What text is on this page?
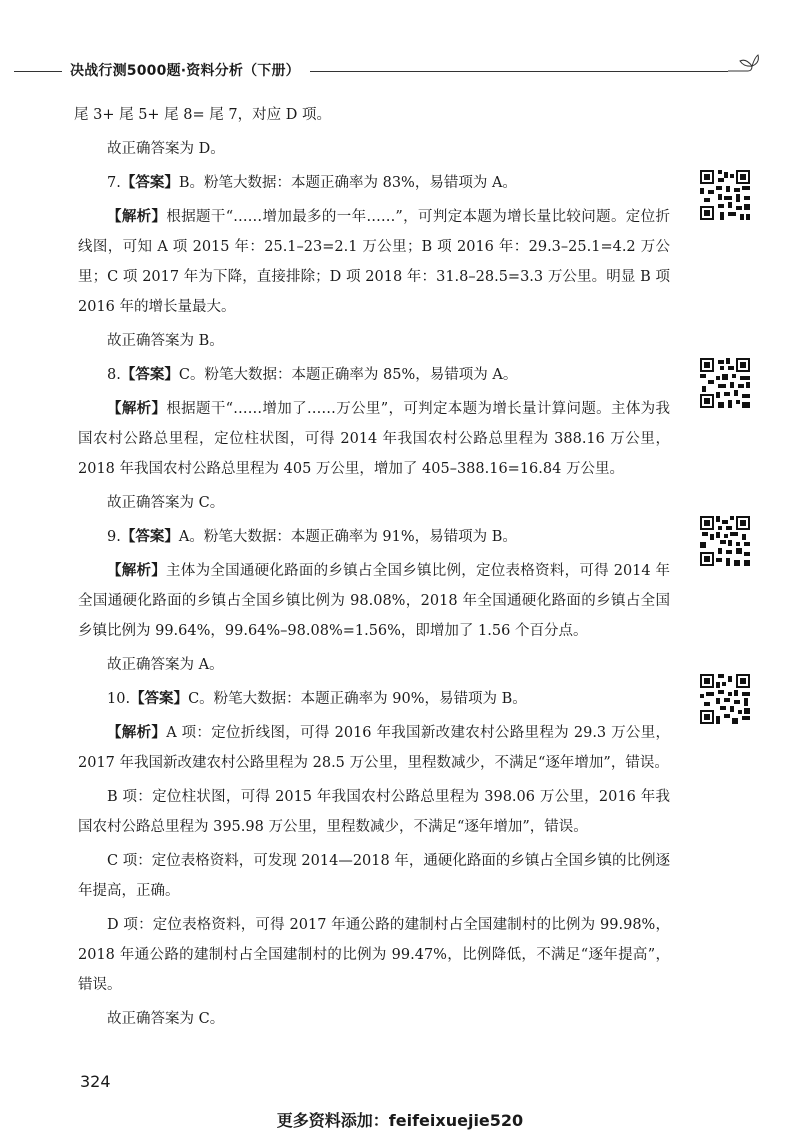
决战行测5000题·资料分析（下册）

尾 3+ 尾 5+ 尾 8= 尾 7，对应 D 项。

故正确答案为 D。

7.【答案】B。粉笔大数据：本题正确率为 83%，易错项为 A。

【解析】根据题干“……增加最多的一年……”，可判定本题为增长量比较问题。定位折线图，可知 A 项 2015 年：25.1–23=2.1 万公里；B 项 2016 年：29.3–25.1=4.2 万公里；C 项 2017 年为下降，直接排除；D 项 2018 年：31.8–28.5=3.3 万公里。明显 B 项 2016 年的增长量最大。

故正确答案为 B。

8.【答案】C。粉笔大数据：本题正确率为 85%，易错项为 A。

【解析】根据题干“……增加了……万公里”，可判定本题为增长量计算问题。主体为我国农村公路总里程，定位柱状图，可得 2014 年我国农村公路总里程为 388.16 万公里，2018 年我国农村公路总里程为 405 万公里，增加了 405–388.16=16.84 万公里。

故正确答案为 C。

9.【答案】A。粉笔大数据：本题正确率为 91%，易错项为 B。

【解析】主体为全国通硬化路面的乡镇占全国乡镇比例，定位表格资料，可得 2014 年全国通硬化路面的乡镇占全国乡镇比例为 98.08%，2018 年全国通硬化路面的乡镇占全国乡镇比例为 99.64%，99.64%–98.08%=1.56%，即增加了 1.56 个百分点。

故正确答案为 A。

10.【答案】C。粉笔大数据：本题正确率为 90%，易错项为 B。

【解析】A 项：定位折线图，可得 2016 年我国新改建农村公路里程为 29.3 万公里，2017 年我国新改建农村公路里程为 28.5 万公里，里程数减少，不满足“逐年增加”，错误。

B 项：定位柱状图，可得 2015 年我国农村公路总里程为 398.06 万公里，2016 年我国农村公路总里程为 395.98 万公里，里程数减少，不满足“逐年增加”，错误。

C 项：定位表格资料，可发现 2014—2018 年，通硬化路面的乡镇占全国乡镇的比例逐年提高，正确。

D 项：定位表格资料，可得 2017 年通公路的建制村占全国建制村的比例为 99.98%，2018 年通公路的建制村占全国建制村的比例为 99.47%，比例降低，不满足“逐年提高”，错误。

故正确答案为 C。

324
更多资料添加：feifeixuejie520
